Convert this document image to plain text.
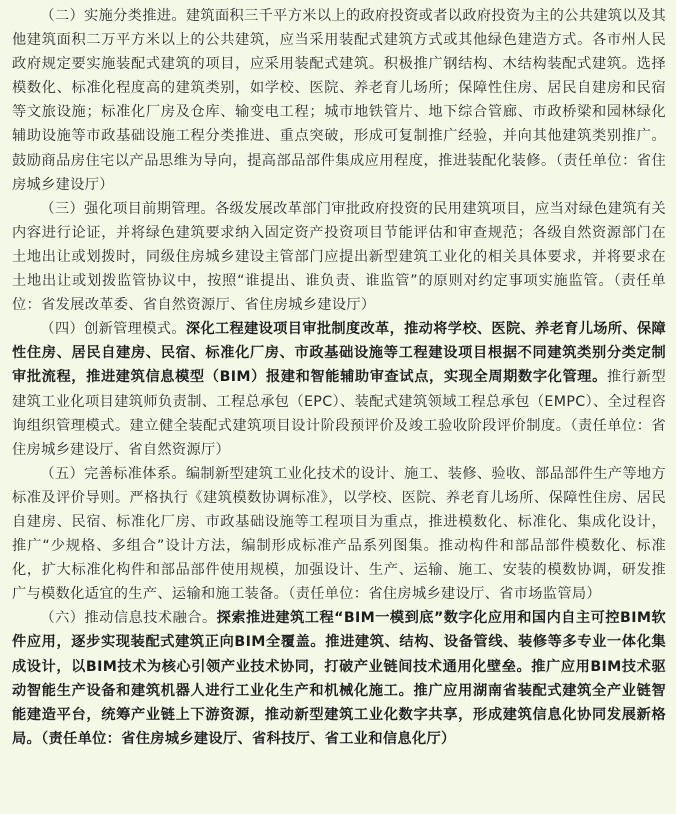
（二）实施分类推进。建筑面积三千平方米以上的政府投资或者以政府投资为主的公共建筑以及其他建筑面积二万平方米以上的公共建筑，应当采用装配式建筑方式或其他绿色建造方式。各市州人民政府规定要实施装配式建筑的项目，应采用装配式建筑。积极推广钢结构、木结构装配式建筑。选择模数化、标准化程度高的建筑类别，如学校、医院、养老育儿场所；保障性住房、居民自建房和民宿等文旅设施；标准化厂房及仓库、输变电工程；城市地铁管片、地下综合管廊、市政桥梁和园林绿化辅助设施等市政基础设施工程分类推进、重点突破，形成可复制推广经验，并向其他建筑类别推广。鼓励商品房住宅以产品思维为导向，提高部品部件集成应用程度，推进装配化装修。（责任单位：省住房城乡建设厅）

（三）强化项目前期管理。各级发展改革部门审批政府投资的民用建筑项目，应当对绿色建筑有关内容进行论证，并将绿色建筑要求纳入固定资产投资项目节能评估和审查规范；各级自然资源部门在土地出让或划拨时，同级住房城乡建设主管部门应提出新型建筑工业化的相关具体要求，并将要求在土地出让或划拨监管协议中，按照“谁提出、谁负责、谁监管”的原则对约定事项实施监管。（责任单位：省发展改革委、省自然资源厅、省住房城乡建设厅）

（四）创新管理模式。深化工程建设项目审批制度改革，推动将学校、医院、养老育儿场所、保障性住房、居民自建房、民宿、标准化厂房、市政基础设施等工程建设项目根据不同建筑类别分类定制审批流程，推进建筑信息模型（BIM）报建和智能辅助审查试点，实现全周期数字化管理。推行新型建筑工业化项目建筑师负责制、工程总承包（EPC）、装配式建筑领域工程总承包（EMPC）、全过程咨询组织管理模式。建立健全装配式建筑项目设计阶段预评价及竣工验收阶段评价制度。（责任单位：省住房城乡建设厅、省自然资源厅）

（五）完善标准体系。编制新型建筑工业化技术的设计、施工、装修、验收、部品部件生产等地方标准及评价导则。严格执行《建筑模数协调标准》，以学校、医院、养老育儿场所、保障性住房、居民自建房、民宿、标准化厂房、市政基础设施等工程项目为重点，推进模数化、标准化、集成化设计，推广“少规格、多组合”设计方法，编制形成标准产品系列图集。推动构件和部品部件模数化、标准化，扩大标准化构件和部品部件使用规模，加强设计、生产、运输、施工、安装的模数协调，研发推广与模数化适宜的生产、运输和施工装备。（责任单位：省住房城乡建设厅、省市场监管局）

（六）推动信息技术融合。探索推进建筑工程“BIM一模到底”数字化应用和国内自主可控BIM软件应用，逐步实现装配式建筑正向BIM全覆盖。推进建筑、结构、设备管线、装修等多专业一体化集成设计，以BIM技术为核心引领产业技术协同，打破产业链间技术通用化壁垒。推广应用BIM技术驱动智能生产设备和建筑机器人进行工业化生产和机械化施工。推广应用湖南省装配式建筑全产业链智能建造平台，统筹产业链上下游资源，推动新型建筑工业化数字共享，形成建筑信息化协同发展新格局。（责任单位：省住房城乡建设厅、省科技厅、省工业和信息化厅）
